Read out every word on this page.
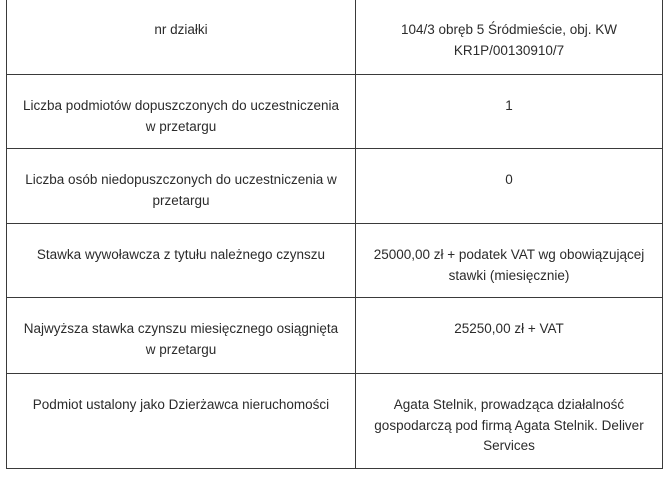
nr działki	104/3 obręb 5 Śródmieście, obj. KW
KR1P/00130910/7

Liczba podmiotów dopuszczonych do uczestniczenia w przetargu	1

Liczba osób niedopuszczonych do uczestniczenia w przetargu	0

Stawka wywoławcza z tytułu należnego czynszu	25000,00 zł + podatek VAT wg obowiązującej
stawki (miesięcznie)

Najwyższa stawka czynszu miesięcznego osiągnięta w przetargu	25250,00 zł + VAT

Podmiot ustalony jako Dzierżawca nieruchomości	Agata Stelnik, prowadząca działalność
gospodarczą pod firmą Agata Stelnik. Deliver
Services
